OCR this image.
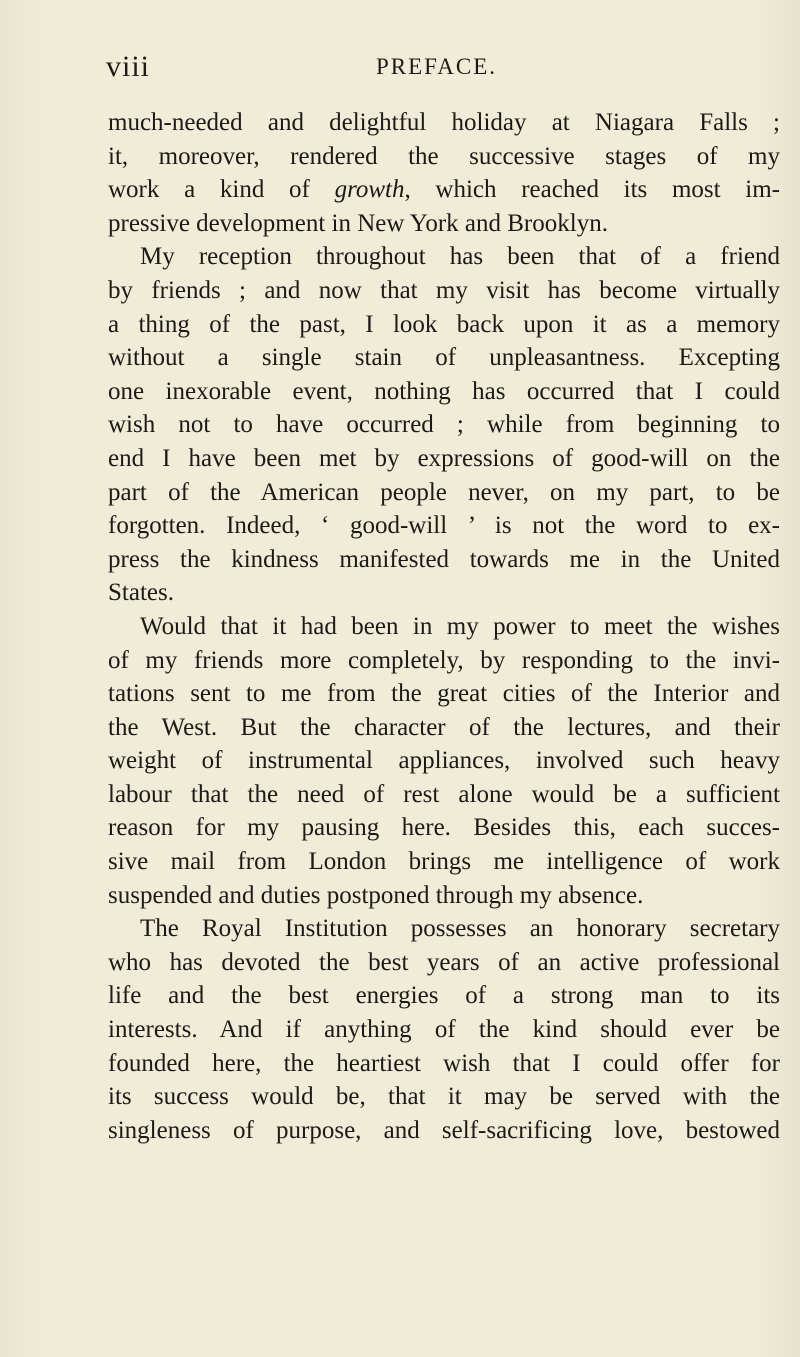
viii	PREFACE.
much-needed and delightful holiday at Niagara Falls ;
it, moreover, rendered the successive stages of my
work a kind of growth, which reached its most im-
pressive development in New York and Brooklyn.
My reception throughout has been that of a friend
by friends ; and now that my visit has become virtually
a thing of the past, I look back upon it as a memory
without a single stain of unpleasantness. Excepting
one inexorable event, nothing has occurred that I could
wish not to have occurred ; while from beginning to
end I have been met by expressions of good-will on the
part of the American people never, on my part, to be
forgotten. Indeed, ‘ good-will ’ is not the word to ex-
press the kindness manifested towards me in the United
States.
Would that it had been in my power to meet the wishes
of my friends more completely, by responding to the invi-
tations sent to me from the great cities of the Interior and
the West. But the character of the lectures, and their
weight of instrumental appliances, involved such heavy
labour that the need of rest alone would be a sufficient
reason for my pausing here. Besides this, each succes-
sive mail from London brings me intelligence of work
suspended and duties postponed through my absence.
The Royal Institution possesses an honorary secretary
who has devoted the best years of an active professional
life and the best energies of a strong man to its
interests. And if anything of the kind should ever be
founded here, the heartiest wish that I could offer for
its success would be, that it may be served with the
singleness of purpose, and self-sacrificing love, bestowed
